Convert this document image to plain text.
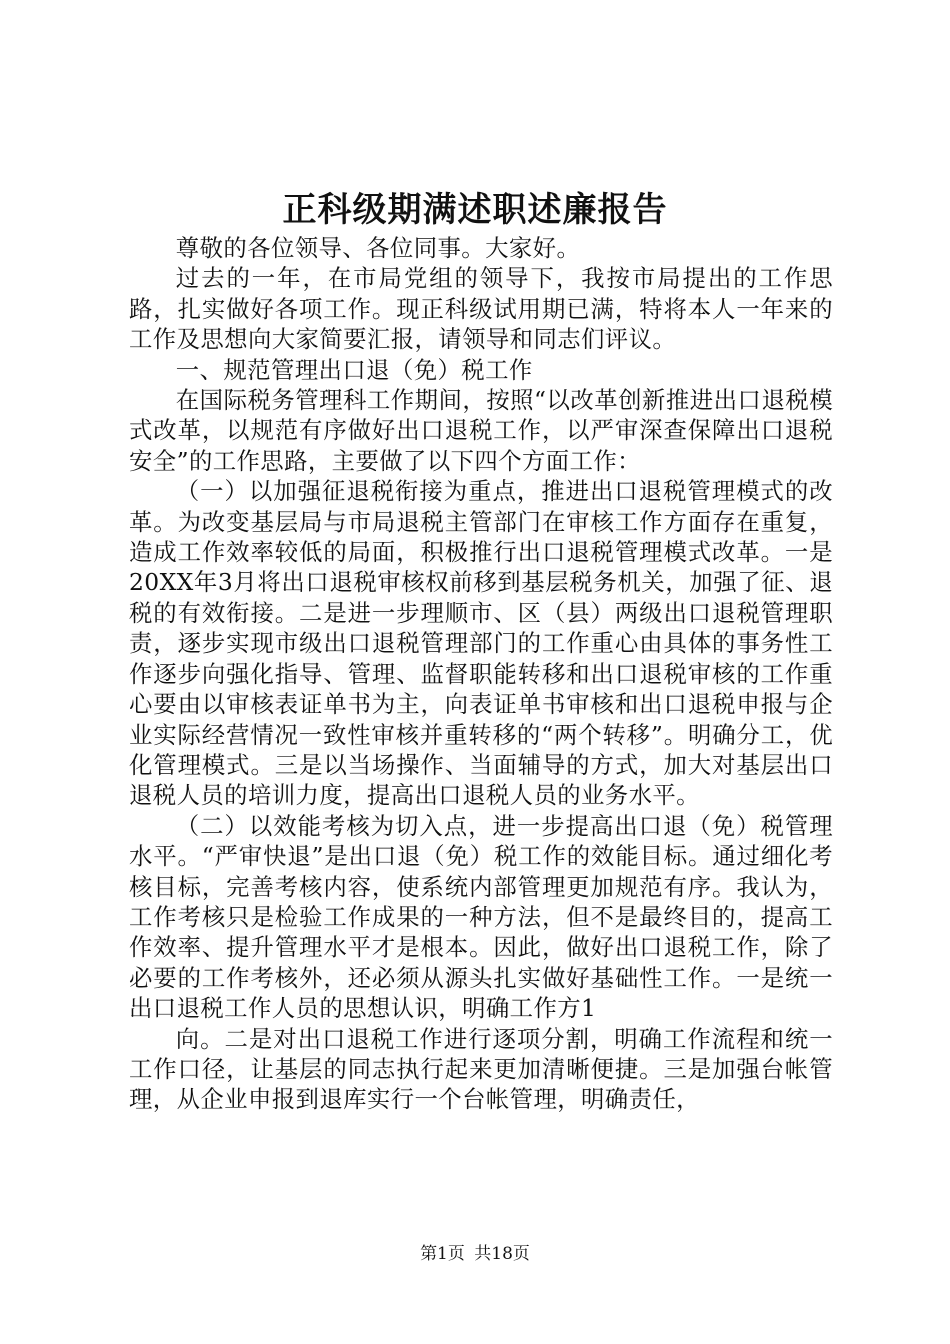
正科级期满述职述廉报告

尊敬的各位领导、各位同事。大家好。

过去的一年，在市局党组的领导下，我按市局提出的工作思路，扎实做好各项工作。现正科级试用期已满，特将本人一年来的工作及思想向大家简要汇报，请领导和同志们评议。

一、规范管理出口退（免）税工作

在国际税务管理科工作期间，按照“以改革创新推进出口退税模式改革，以规范有序做好出口退税工作，以严审深查保障出口退税安全”的工作思路，主要做了以下四个方面工作：

（一）以加强征退税衔接为重点，推进出口退税管理模式的改革。为改变基层局与市局退税主管部门在审核工作方面存在重复，造成工作效率较低的局面，积极推行出口退税管理模式改革。一是20XX年3月将出口退税审核权前移到基层税务机关，加强了征、退税的有效衔接。二是进一步理顺市、区（县）两级出口退税管理职责，逐步实现市级出口退税管理部门的工作重心由具体的事务性工作逐步向强化指导、管理、监督职能转移和出口退税审核的工作重心要由以审核表证单书为主，向表证单书审核和出口退税申报与企业实际经营情况一致性审核并重转移的“两个转移”。明确分工，优化管理模式。三是以当场操作、当面辅导的方式，加大对基层出口退税人员的培训力度，提高出口退税人员的业务水平。

（二）以效能考核为切入点，进一步提高出口退（免）税管理水平。“严审快退”是出口退（免）税工作的效能目标。通过细化考核目标，完善考核内容，使系统内部管理更加规范有序。我认为，工作考核只是检验工作成果的一种方法，但不是最终目的，提高工作效率、提升管理水平才是根本。因此，做好出口退税工作，除了必要的工作考核外，还必须从源头扎实做好基础性工作。一是统一出口退税工作人员的思想认识，明确工作方1

向。二是对出口退税工作进行逐项分割，明确工作流程和统一工作口径，让基层的同志执行起来更加清晰便捷。三是加强台帐管理，从企业申报到退库实行一个台帐管理，明确责任，

第1页 共18页
